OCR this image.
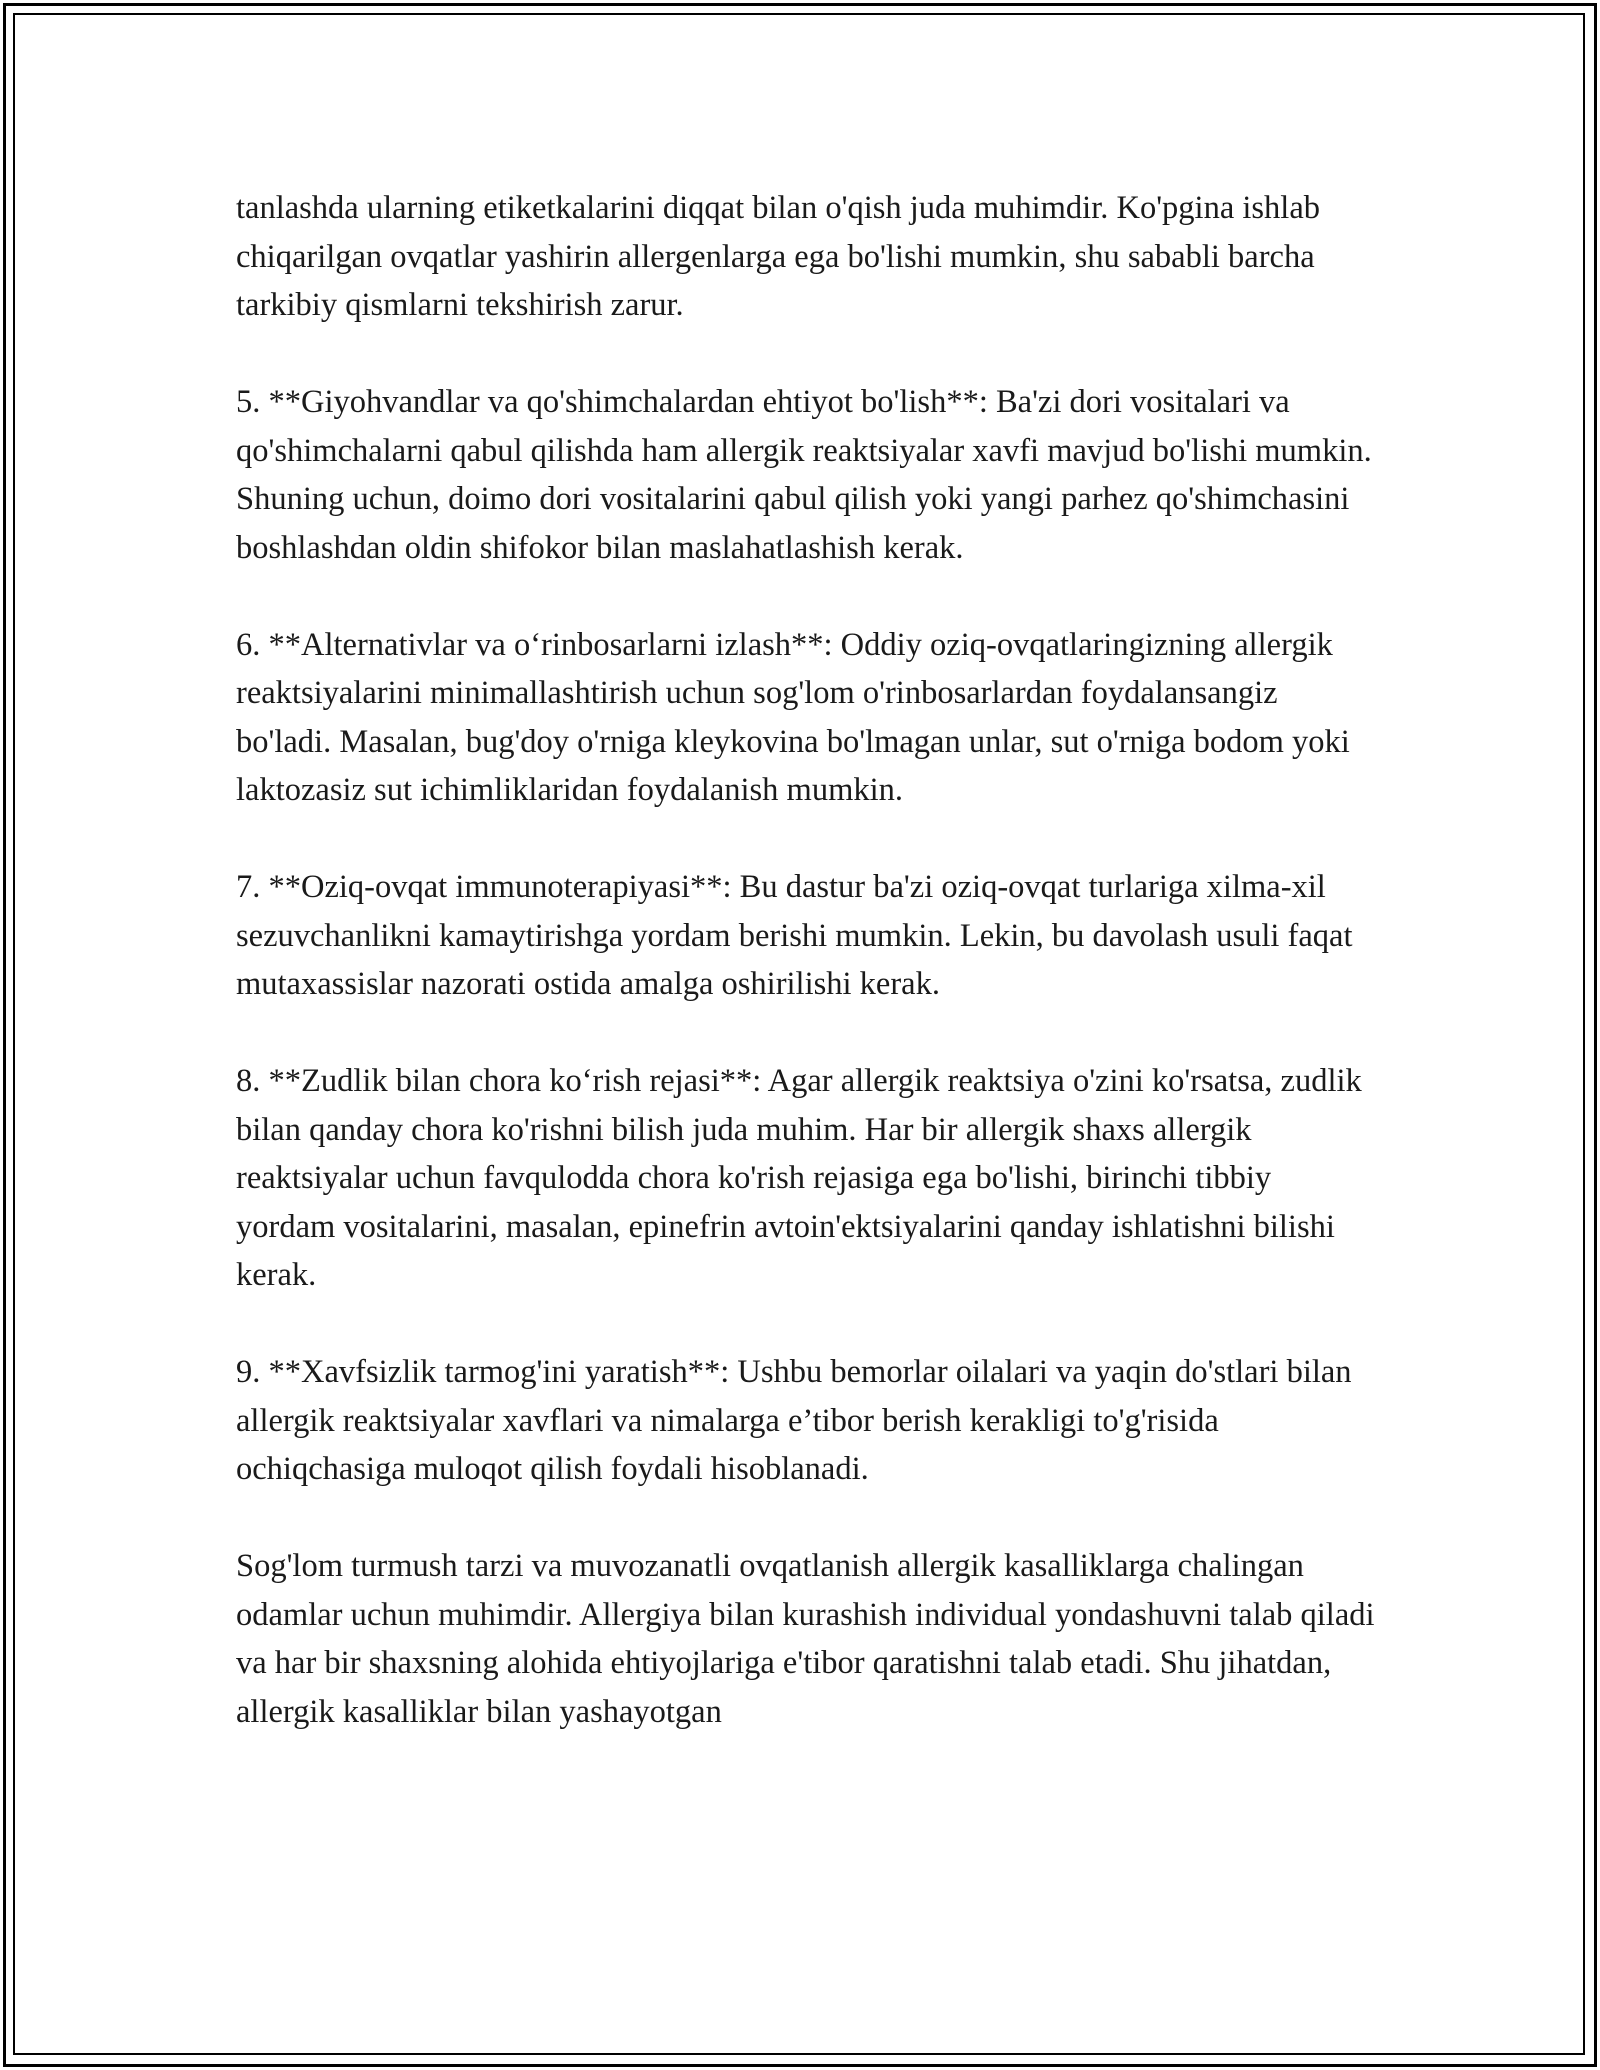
tanlashda ularning etiketkalarini diqqat bilan o'qish juda muhimdir. Ko'pgina ishlab chiqarilgan ovqatlar yashirin allergenlarga ega bo'lishi mumkin, shu sababli barcha tarkibiy qismlarni tekshirish zarur.

5. **Giyohvandlar va qo'shimchalardan ehtiyot bo'lish**: Ba'zi dori vositalari va qo'shimchalarni qabul qilishda ham allergik reaktsiyalar xavfi mavjud bo'lishi mumkin. Shuning uchun, doimo dori vositalarini qabul qilish yoki yangi parhez qo'shimchasini boshlashdan oldin shifokor bilan maslahatlashish kerak.

6. **Alternativlar va o‘rinbosarlarni izlash**: Oddiy oziq-ovqatlaringizning allergik reaktsiyalarini minimallashtirish uchun sog'lom o'rinbosarlardan foydalansangiz bo'ladi. Masalan, bug'doy o'rniga kleykovina bo'lmagan unlar, sut o'rniga bodom yoki laktozasiz sut ichimliklaridan foydalanish mumkin.

7. **Oziq-ovqat immunoterapiyasi**: Bu dastur ba'zi oziq-ovqat turlariga xilma-xil sezuvchanlikni kamaytirishga yordam berishi mumkin. Lekin, bu davolash usuli faqat mutaxassislar nazorati ostida amalga oshirilishi kerak.

8. **Zudlik bilan chora ko‘rish rejasi**: Agar allergik reaktsiya o'zini ko'rsatsa, zudlik bilan qanday chora ko'rishni bilish juda muhim. Har bir allergik shaxs allergik reaktsiyalar uchun favqulodda chora ko'rish rejasiga ega bo'lishi, birinchi tibbiy yordam vositalarini, masalan, epinefrin avtoin'ektsiyalarini qanday ishlatishni bilishi kerak.

9. **Xavfsizlik tarmog'ini yaratish**: Ushbu bemorlar oilalari va yaqin do'stlari bilan allergik reaktsiyalar xavflari va nimalarga e’tibor berish kerakligi to'g'risida ochiqchasiga muloqot qilish foydali hisoblanadi.

Sog'lom turmush tarzi va muvozanatli ovqatlanish allergik kasalliklarga chalingan odamlar uchun muhimdir. Allergiya bilan kurashish individual yondashuvni talab qiladi va har bir shaxsning alohida ehtiyojlariga e'tibor qaratishni talab etadi. Shu jihatdan, allergik kasalliklar bilan yashayotgan
